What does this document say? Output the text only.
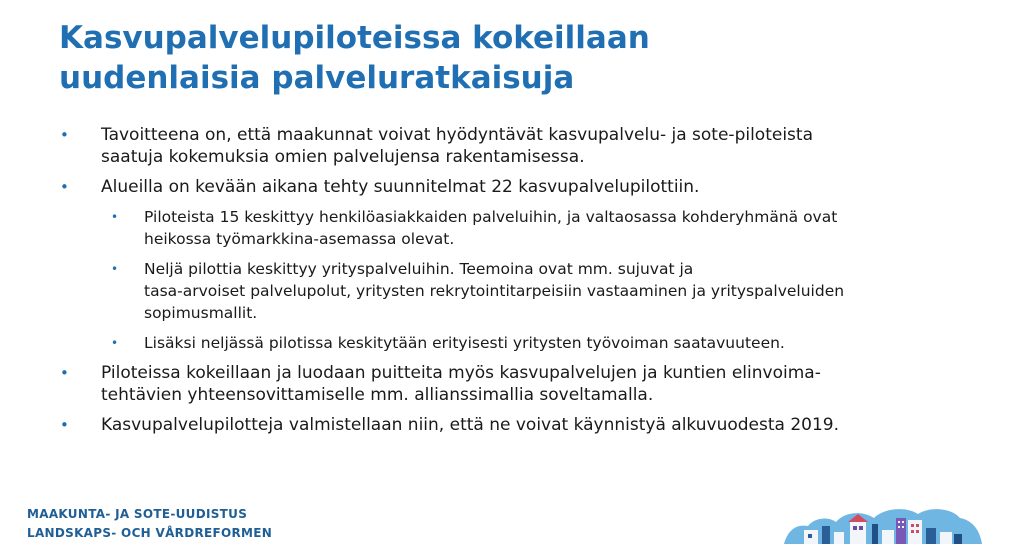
Kasvupalvelupiloteissa kokeillaan
uudenlaisia palveluratkaisuja
• Tavoitteena on, että maakunnat voivat hyödyntävät kasvupalvelu- ja sote-piloteista
saatuja kokemuksia omien palvelujensa rakentamisessa.
• Alueilla on kevään aikana tehty suunnitelmat 22 kasvupalvelupilottiin.
• Piloteista 15 keskittyy henkilöasiakkaiden palveluihin, ja valtaosassa kohderyhmänä ovat
heikossa työmarkkina-asemassa olevat.
• Neljä pilottia keskittyy yrityspalveluihin. Teemoina ovat mm. sujuvat ja
tasa-arvoiset palvelupolut, yritysten rekrytointitarpeisiin vastaaminen ja yrityspalveluiden
sopimusmallit.
• Lisäksi neljässä pilotissa keskitytään erityisesti yritysten työvoiman saatavuuteen.
• Piloteissa kokeillaan ja luodaan puitteita myös kasvupalvelujen ja kuntien elinvoima-
tehtävien yhteensovittamiselle mm. allianssimallia soveltamalla.
• Kasvupalvelupilotteja valmistellaan niin, että ne voivat käynnistyä alkuvuodesta 2019.
MAAKUNTA- JA SOTE-UUDISTUS
LANDSKAPS- OCH VÅRDREFORMEN
